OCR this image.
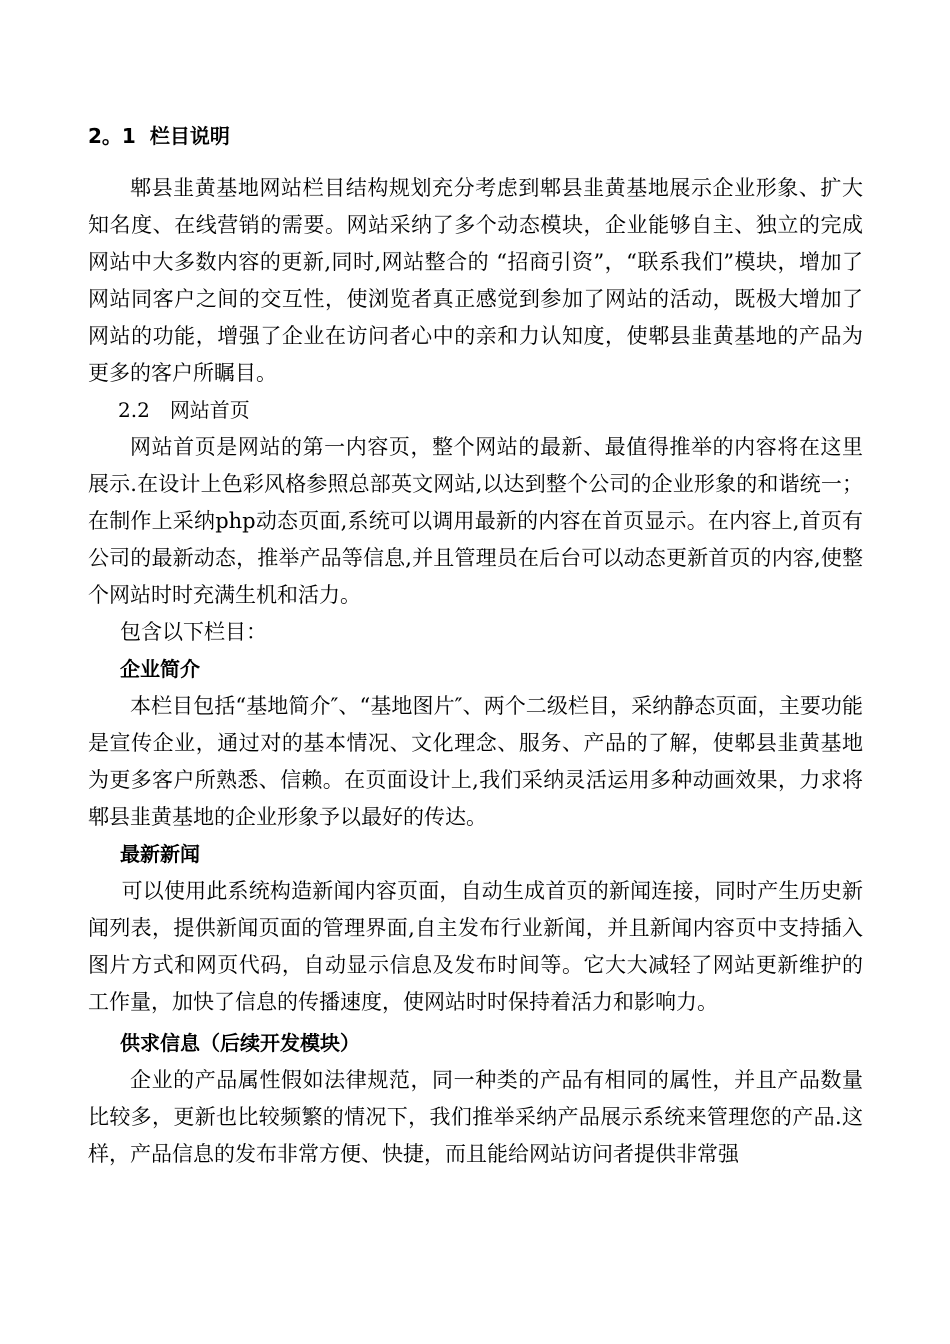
2。1 栏目说明

郫县韭黄基地网站栏目结构规划充分考虑到郫县韭黄基地展示企业形象、扩大知名度、在线营销的需要。网站采纳了多个动态模块，企业能够自主、独立的完成网站中大多数内容的更新,同时,网站整合的 “招商引资”，“联系我们”模块，增加了网站同客户之间的交互性，使浏览者真正感觉到参加了网站的活动，既极大增加了网站的功能，增强了企业在访问者心中的亲和力认知度，使郫县韭黄基地的产品为更多的客户所瞩目。

2.2 网站首页

网站首页是网站的第一内容页，整个网站的最新、最值得推举的内容将在这里展示.在设计上色彩风格参照总部英文网站,以达到整个公司的企业形象的和谐统一；在制作上采纳php动态页面,系统可以调用最新的内容在首页显示。在内容上,首页有公司的最新动态，推举产品等信息,并且管理员在后台可以动态更新首页的内容,使整个网站时时充满生机和活力。

包含以下栏目：

企业简介

本栏目包括“基地简介″、“基地图片″、两个二级栏目，采纳静态页面，主要功能是宣传企业，通过对的基本情况、文化理念、服务、产品的了解，使郫县韭黄基地为更多客户所熟悉、信赖。在页面设计上,我们采纳灵活运用多种动画效果，力求将郫县韭黄基地的企业形象予以最好的传达。

最新新闻

可以使用此系统构造新闻内容页面，自动生成首页的新闻连接，同时产生历史新闻列表，提供新闻页面的管理界面,自主发布行业新闻，并且新闻内容页中支持插入图片方式和网页代码，自动显示信息及发布时间等。它大大减轻了网站更新维护的工作量，加快了信息的传播速度，使网站时时保持着活力和影响力。

供求信息（后续开发模块）

企业的产品属性假如法律规范，同一种类的产品有相同的属性，并且产品数量比较多，更新也比较频繁的情况下，我们推举采纳产品展示系统来管理您的产品.这样，产品信息的发布非常方便、快捷，而且能给网站访问者提供非常强
